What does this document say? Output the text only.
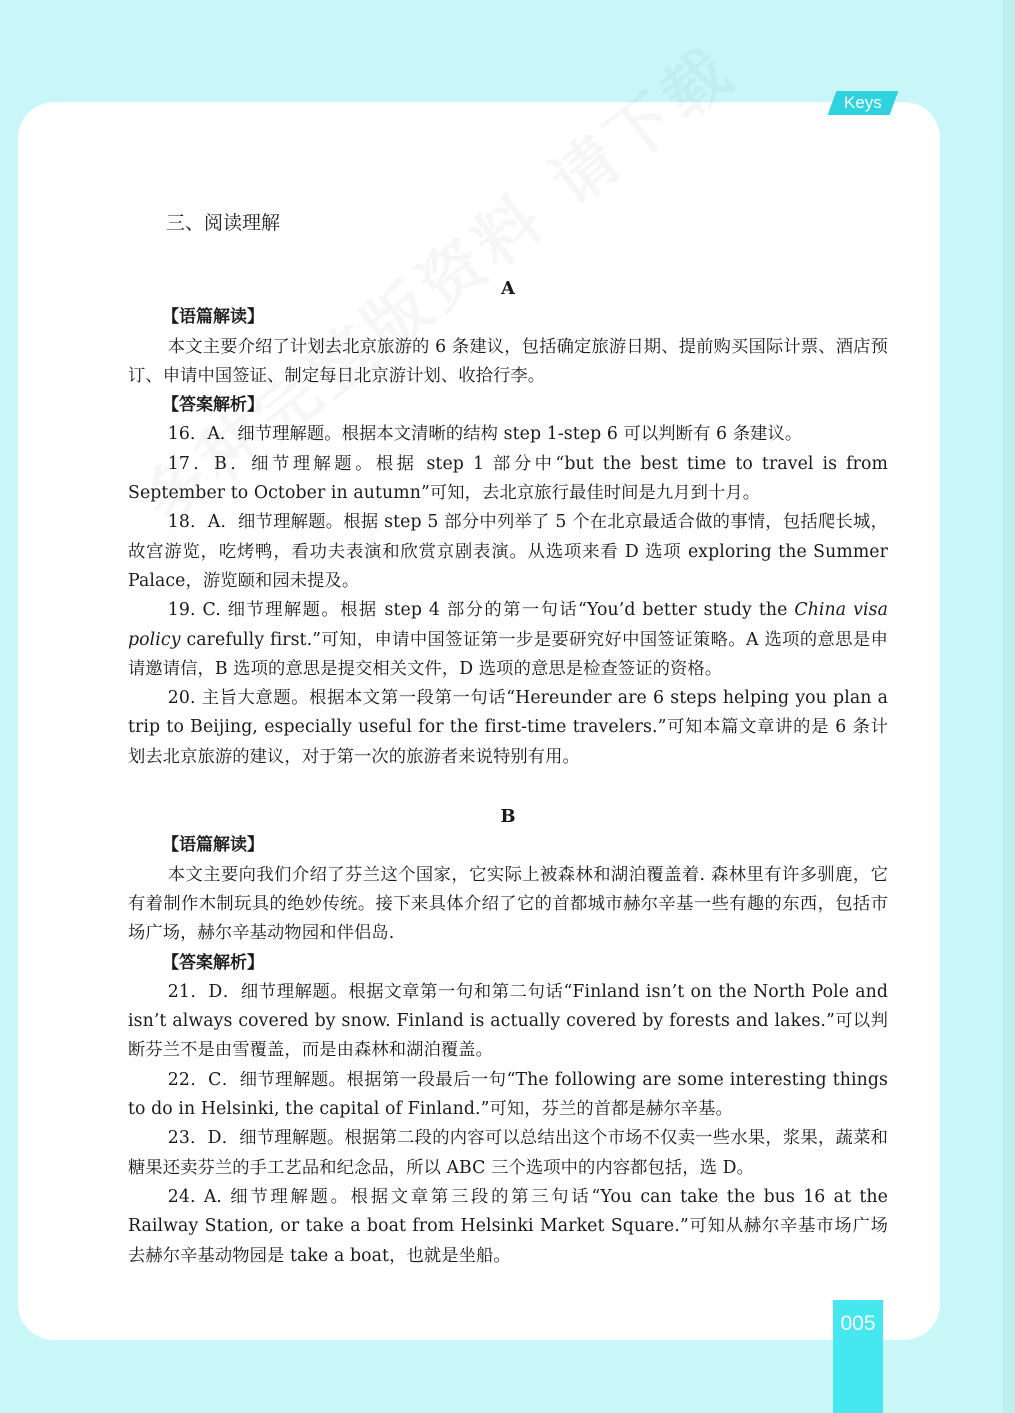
Keys
三、阅读理解

A

【语篇解读】

本文主要介绍了计划去北京旅游的 6 条建议，包括确定旅游日期、提前购买国际计票、酒店预订、申请中国签证、制定每日北京游计划、收拾行李。

【答案解析】

16．A．细节理解题。根据本文清晰的结构 step 1-step 6 可以判断有 6 条建议。

17．B．细节理解题。根据 step 1 部分中“but the best time to travel is from September to October in autumn”可知，去北京旅行最佳时间是九月到十月。

18．A．细节理解题。根据 step 5 部分中列举了 5 个在北京最适合做的事情，包括爬长城，故宫游览，吃烤鸭，看功夫表演和欣赏京剧表演。从选项来看 D 选项 exploring the Summer Palace，游览颐和园未提及。

19. C. 细节理解题。根据 step 4 部分的第一句话“You’d better study the China visa policy carefully first.”可知，申请中国签证第一步是要研究好中国签证策略。A 选项的意思是申请邀请信，B 选项的意思是提交相关文件，D 选项的意思是检查签证的资格。

20. 主旨大意题。根据本文第一段第一句话“Hereunder are 6 steps helping you plan a trip to Beijing, especially useful for the first-time travelers.”可知本篇文章讲的是 6 条计划去北京旅游的建议，对于第一次的旅游者来说特别有用。

B

【语篇解读】

本文主要向我们介绍了芬兰这个国家，它实际上被森林和湖泊覆盖着. 森林里有许多驯鹿，它有着制作木制玩具的绝妙传统。接下来具体介绍了它的首都城市赫尔辛基一些有趣的东西，包括市场广场，赫尔辛基动物园和伴侣岛.

【答案解析】

21．D．细节理解题。根据文章第一句和第二句话“Finland isn’t on the North Pole and isn’t always covered by snow. Finland is actually covered by forests and lakes.”可以判断芬兰不是由雪覆盖，而是由森林和湖泊覆盖。

22．C．细节理解题。根据第一段最后一句“The following are some interesting things to do in Helsinki, the capital of Finland.”可知，芬兰的首都是赫尔辛基。

23．D．细节理解题。根据第二段的内容可以总结出这个市场不仅卖一些水果，浆果，蔬菜和糖果还卖芬兰的手工艺品和纪念品，所以 ABC 三个选项中的内容都包括，选 D。

24. A. 细节理解题。根据文章第三段的第三句话“You can take the bus 16 at the Railway Station, or take a boat from Helsinki Market Square.”可知从赫尔辛基市场广场去赫尔辛基动物园是 take a boat，也就是坐船。

005
